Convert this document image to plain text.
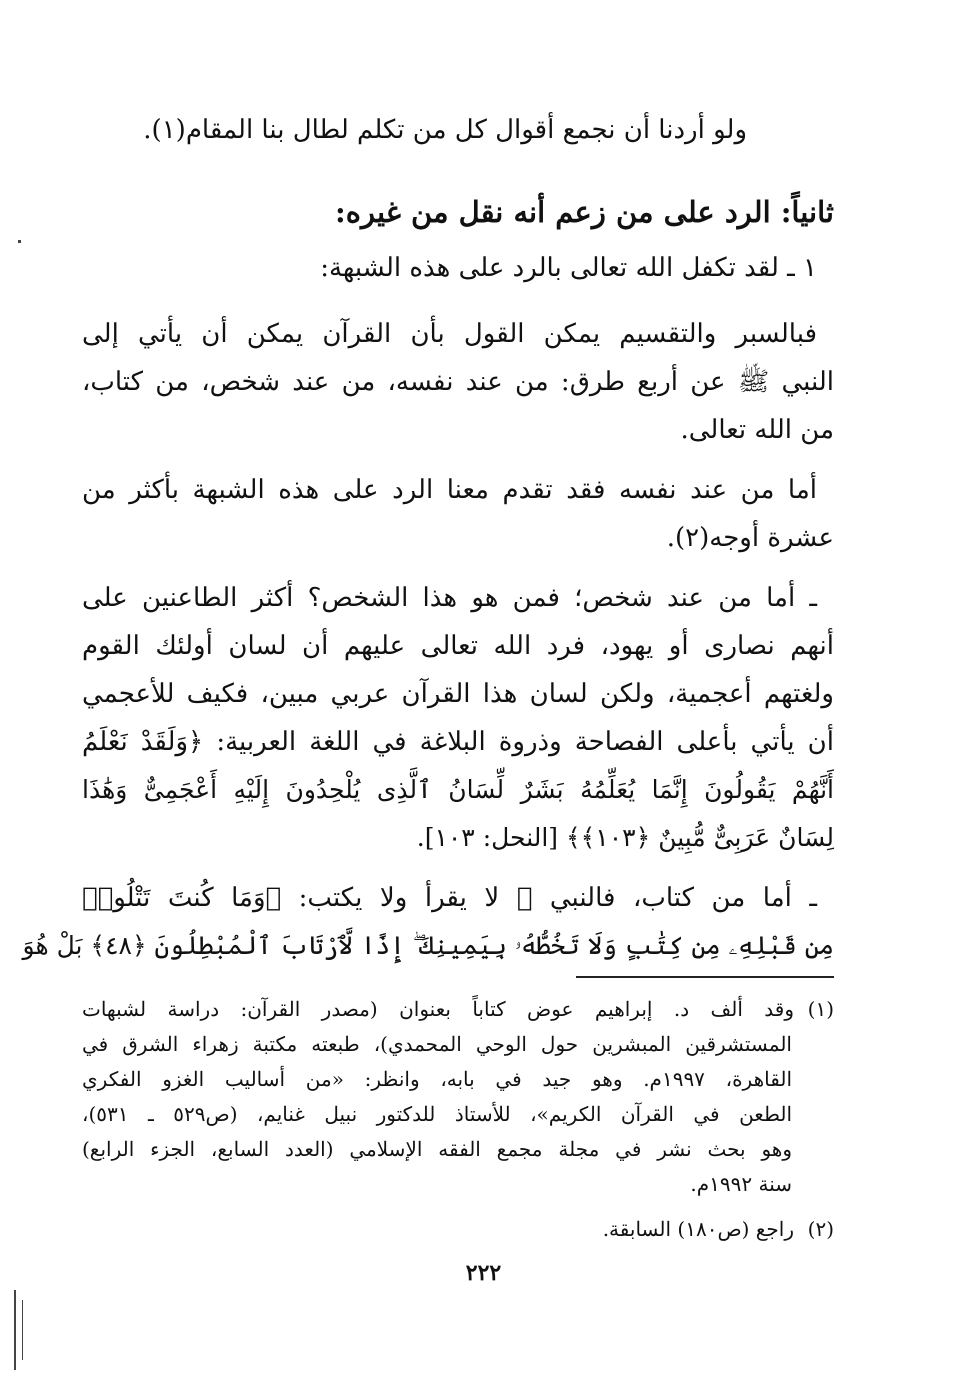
ولو أردنا أن نجمع أقوال كل من تكلم لطال بنا المقام(١).
ثانياً: الرد على من زعم أنه نقل من غيره:
١ ـ لقد تكفل الله تعالى بالرد على هذه الشبهة:
فبالسبر والتقسيم يمكن القول بأن القرآن يمكن أن يأتي إلى
النبي ﷺ عن أربع طرق: من عند نفسه، من عند شخص، من كتاب،
من الله تعالى.
أما من عند نفسه فقد تقدم معنا الرد على هذه الشبهة بأكثر من
عشرة أوجه(٢).
ـ أما من عند شخص؛ فمن هو هذا الشخص؟ أكثر الطاعنين على
أنهم نصارى أو يهود، فرد الله تعالى عليهم أن لسان أولئك القوم
ولغتهم أعجمية، ولكن لسان هذا القرآن عربي مبين، فكيف للأعجمي
أن يأتي بأعلى الفصاحة وذروة البلاغة في اللغة العربية: ﴿وَلَقَدْ نَعْلَمُ
أَنَّهُمْ يَقُولُونَ إِنَّمَا يُعَلِّمُهُ بَشَرٌ لِّسَانُ ٱلَّذِى يُلْحِدُونَ إِلَيْهِ أَعْجَمِىٌّ وَهَٰذَا
لِسَانٌ عَرَبِىٌّ مُّبِينٌ ﴿١٠٣﴾﴾ [النحل: ١٠٣].
ـ أما من كتاب، فالنبي ﷺ لا يقرأ ولا يكتب: ﴿وَمَا كُنتَ تَتْلُوا۟
مِن قَبْلِهِۦ مِن كِتَٰبٍ وَلَا تَخُطُّهُۥ بِيَمِينِكَ ۖ إِذًا لَّٱرْتَابَ ٱلْمُبْطِلُونَ ﴿٤٨﴾ بَلْ هُوَ
(١)وقد ألف د. إبراهيم عوض كتاباً بعنوان (مصدر القرآن: دراسة لشبهات
المستشرقين المبشرين حول الوحي المحمدي)، طبعته مكتبة زهراء الشرق في
القاهرة، ١٩٩٧م. وهو جيد في بابه، وانظر: «من أساليب الغزو الفكري
الطعن في القرآن الكريم»، للأستاذ للدكتور نبيل غنايم، (ص٥٢٩ ـ ٥٣١)،
وهو بحث نشر في مجلة مجمع الفقه الإسلامي (العدد السابع، الجزء الرابع)
سنة ١٩٩٢م.
(٢)راجع (ص١٨٠) السابقة.
٢٢٢
